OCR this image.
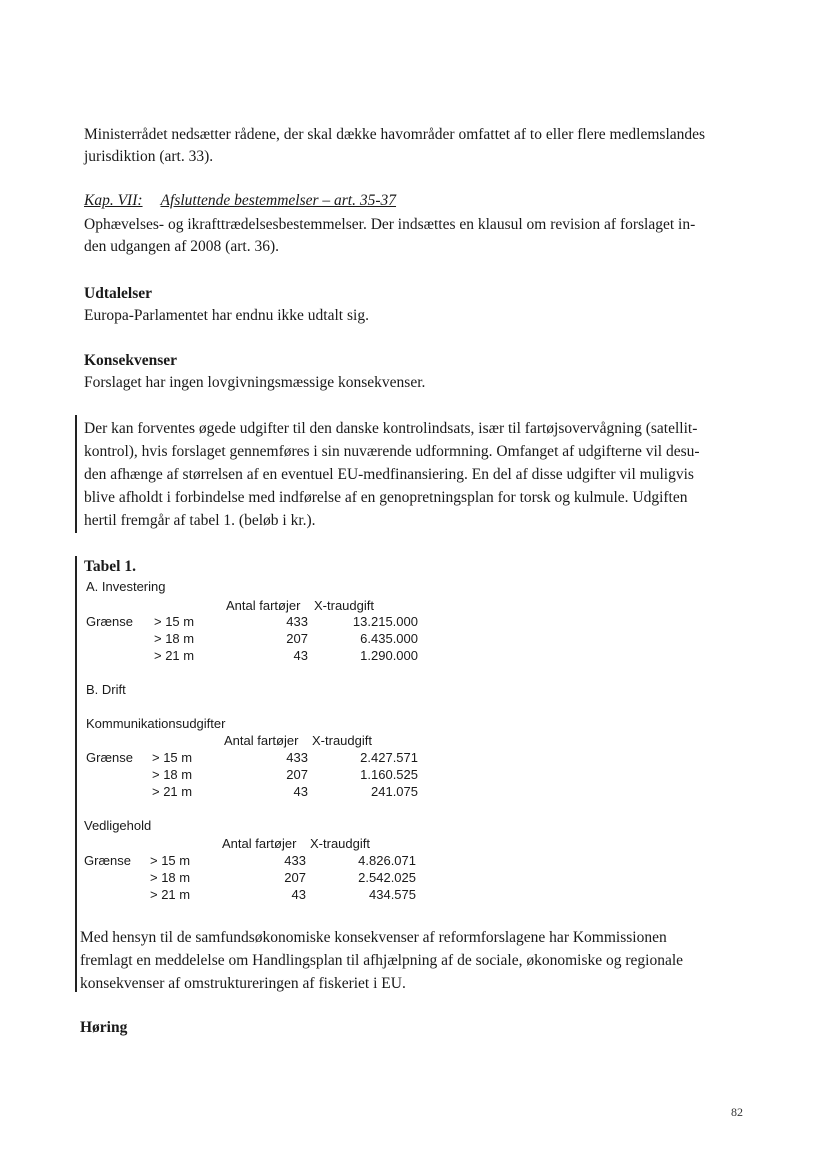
Ministerrådet nedsætter rådene, der skal dække havområder omfattet af to eller flere medlemslandes
jurisdiktion (art. 33).
Kap. VII: Afsluttende bestemmelser – art. 35-37
Ophævelses- og ikrafttrædelsesbestemmelser. Der indsættes en klausul om revision af forslaget in-
den udgangen af 2008 (art. 36).
Udtalelser
Europa-Parlamentet har endnu ikke udtalt sig.
Konsekvenser
Forslaget har ingen lovgivningsmæssige konsekvenser.
Der kan forventes øgede udgifter til den danske kontrolindsats, især til fartøjsovervågning (satellit-
kontrol), hvis forslaget gennemføres i sin nuværende udformning. Omfanget af udgifterne vil desu-
den afhænge af størrelsen af en eventuel EU-medfinansiering. En del af disse udgifter vil muligvis
blive afholdt i forbindelse med indførelse af en genopretningsplan for torsk og kulmule. Udgiften
hertil fremgår af tabel 1. (beløb i kr.).
Tabel 1.
A. Investering
Antal fartøjer X-traudgift
Grænse > 15 m	433	13.215.000
> 18 m	207	6.435.000
> 21 m	43	1.290.000
B. Drift
Kommunikationsudgifter
Antal fartøjer X-traudgift
Grænse > 15 m	433	2.427.571
> 18 m	207	1.160.525
> 21 m	43	241.075
Vedligehold
Antal fartøjer X-traudgift
Grænse > 15 m	433	4.826.071
> 18 m	207	2.542.025
> 21 m	43	434.575
Med hensyn til de samfundsøkonomiske konsekvenser af reformforslagene har Kommissionen
fremlagt en meddelelse om Handlingsplan til afhjælpning af de sociale, økonomiske og regionale
konsekvenser af omstruktureringen af fiskeriet i EU.
Høring
82
